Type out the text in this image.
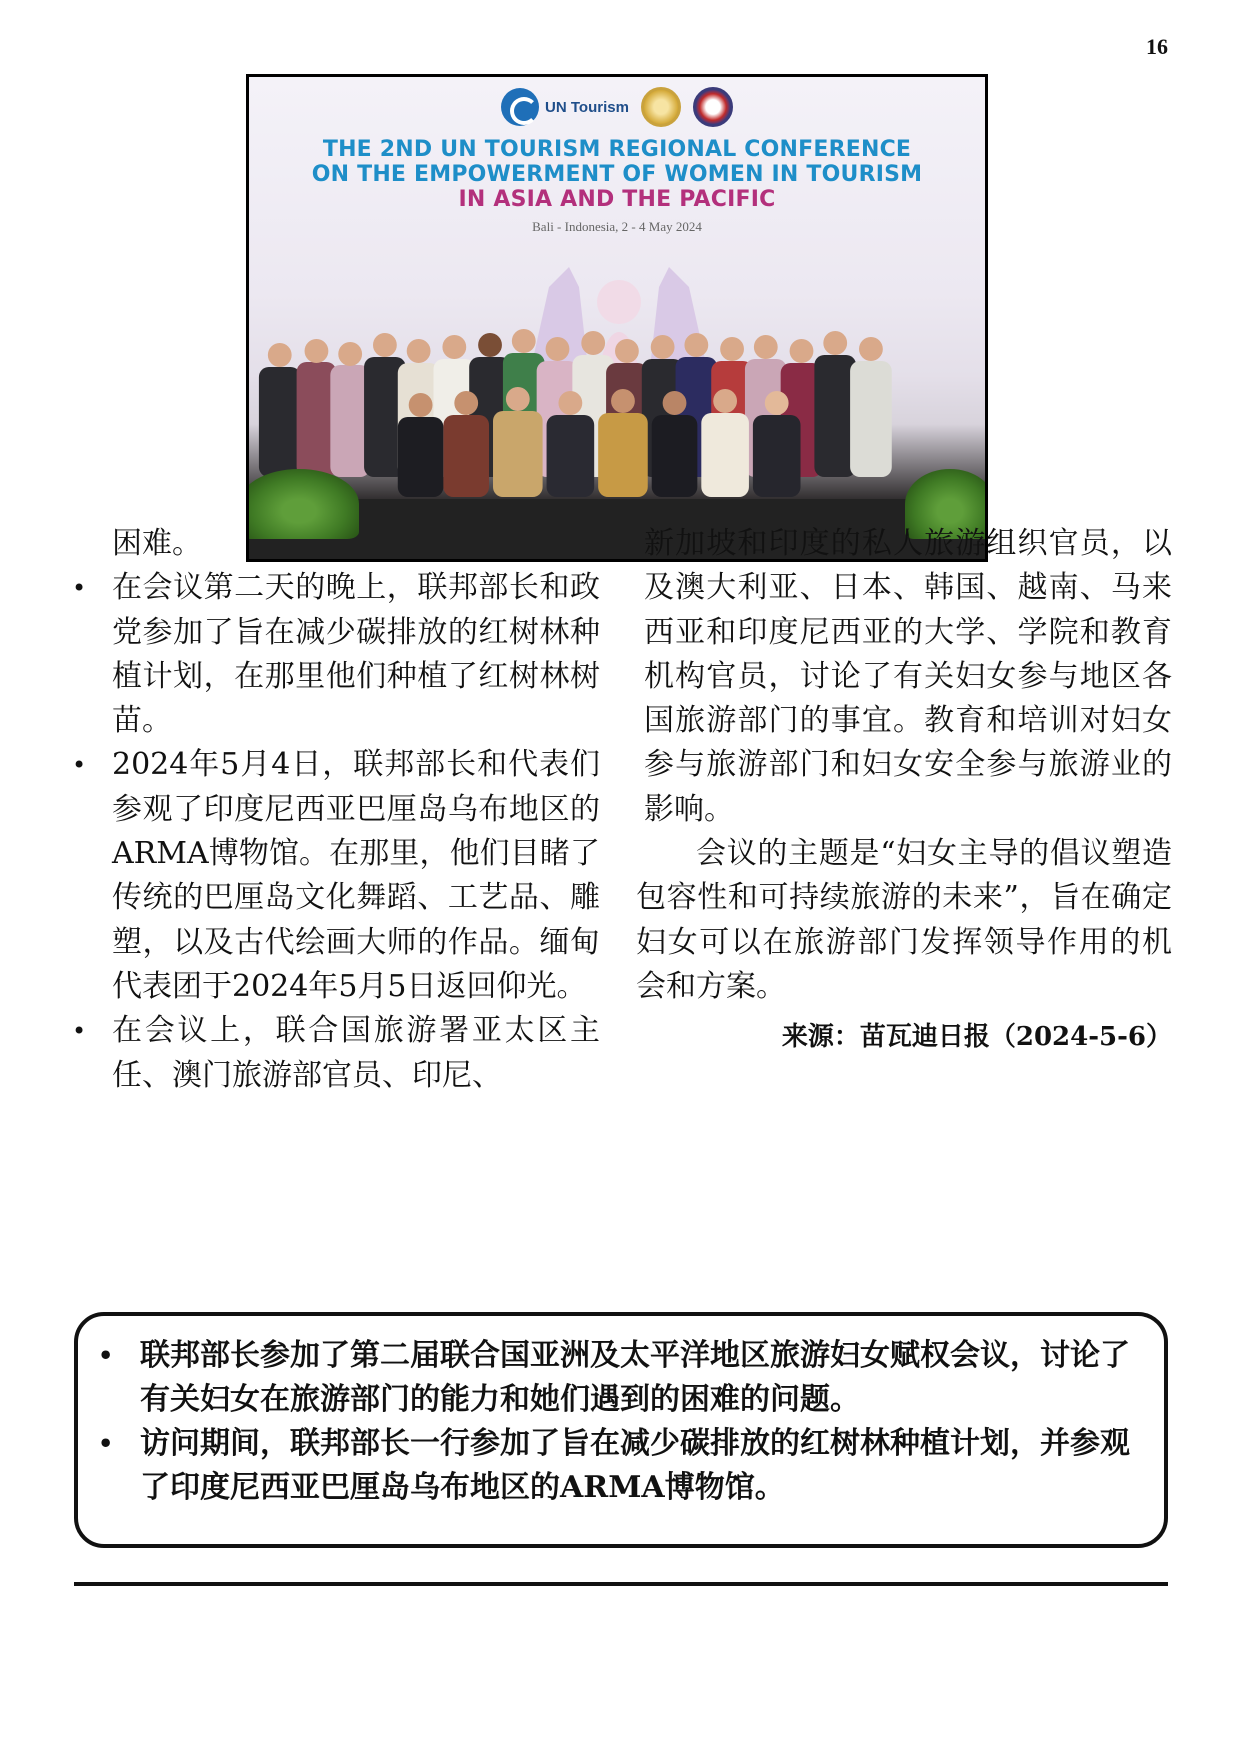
16
UN Tourism
THE 2ND UN TOURISM REGIONAL CONFERENCE
ON THE EMPOWERMENT OF WOMEN IN TOURISM
IN ASIA AND THE PACIFIC
Bali - Indonesia, 2 - 4 May 2024
困难。
• 在会议第二天的晚上，联邦部长和政党参加了旨在减少碳排放的红树林种植计划，在那里他们种植了红树林树苗。
• 2024年5月4日，联邦部长和代表们参观了印度尼西亚巴厘岛乌布地区的ARMA博物馆。在那里，他们目睹了传统的巴厘岛文化舞蹈、工艺品、雕塑，以及古代绘画大师的作品。缅甸代表团于2024年5月5日返回仰光。
• 在会议上，联合国旅游署亚太区主任、澳门旅游部官员、印尼、
新加坡和印度的私人旅游组织官员，以及澳大利亚、日本、韩国、越南、马来西亚和印度尼西亚的大学、学院和教育机构官员，讨论了有关妇女参与地区各国旅游部门的事宜。教育和培训对妇女参与旅游部门和妇女安全参与旅游业的影响。
会议的主题是“妇女主导的倡议塑造包容性和可持续旅游的未来”，旨在确定妇女可以在旅游部门发挥领导作用的机会和方案。
来源：苗瓦迪日报（2024-5-6）
• 联邦部长参加了第二届联合国亚洲及太平洋地区旅游妇女赋权会议，讨论了有关妇女在旅游部门的能力和她们遇到的困难的问题。
• 访问期间，联邦部长一行参加了旨在减少碳排放的红树林种植计划，并参观了印度尼西亚巴厘岛乌布地区的ARMA博物馆。
